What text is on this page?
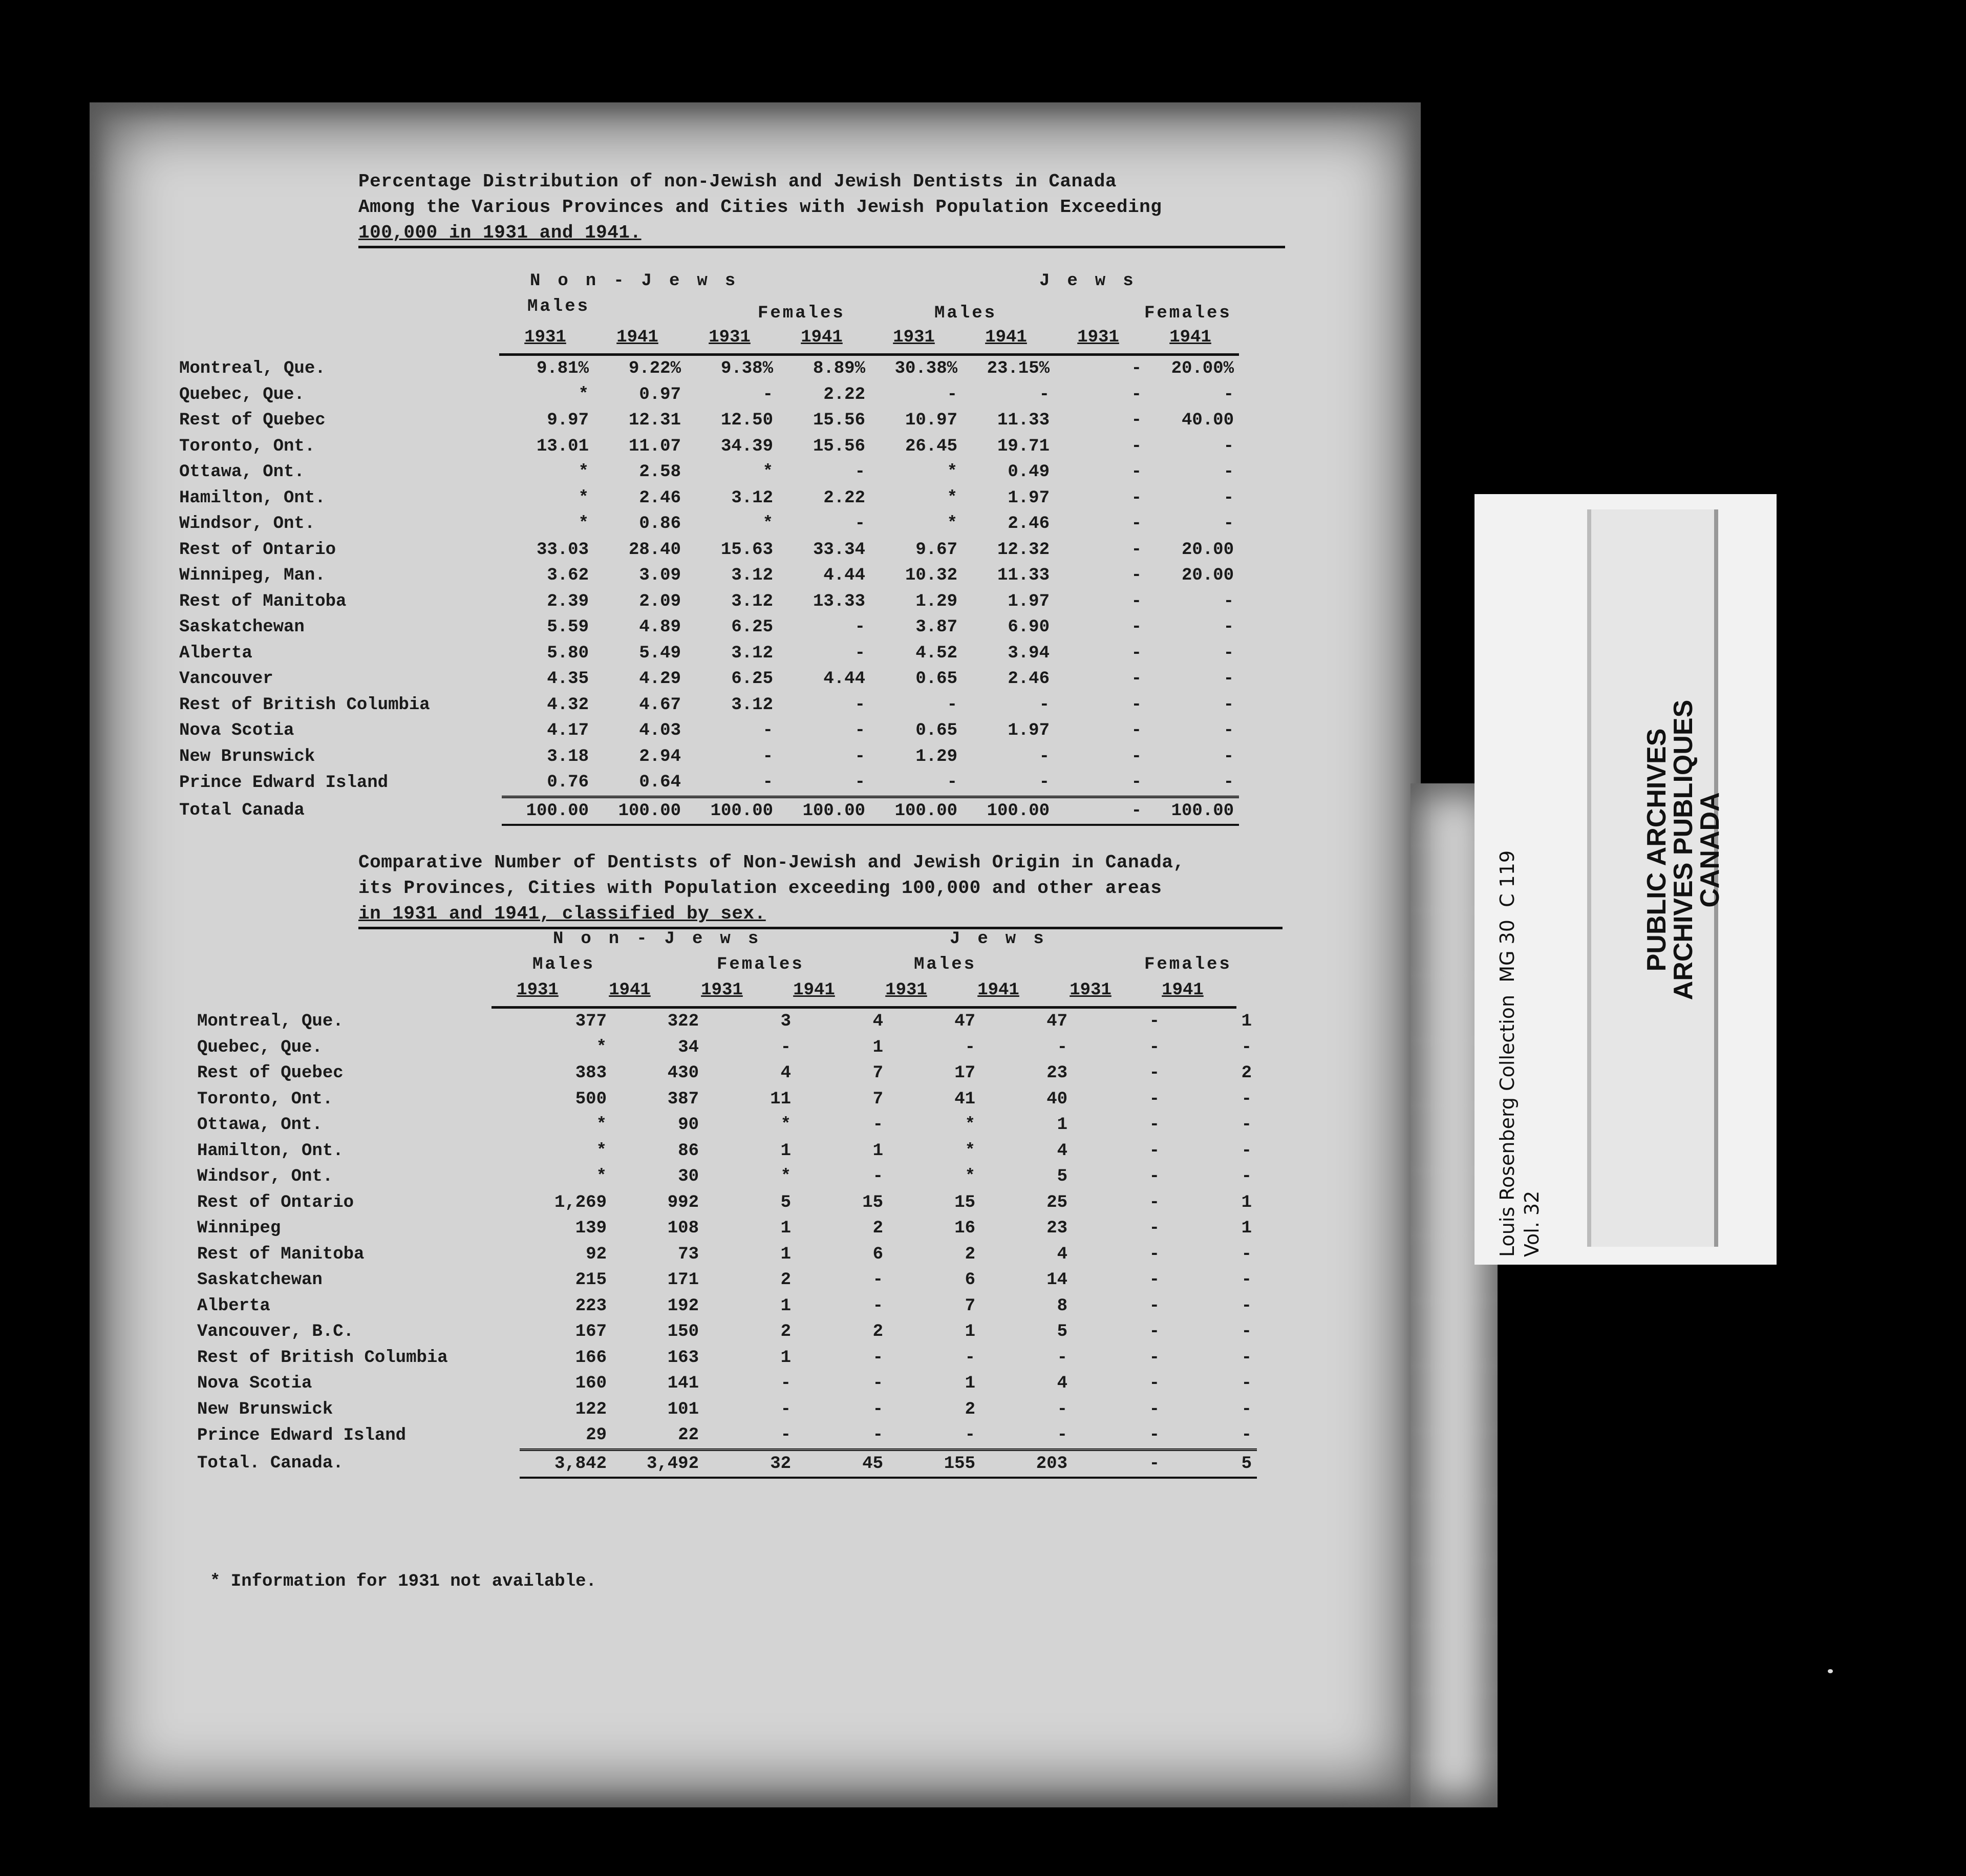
Percentage Distribution of non-Jewish and Jewish Dentists in Canada
Among the Various Provinces and Cities with Jewish Population Exceeding
100,000 in 1931 and 1941.
Non-Jews	Jews
Males	Females	Males	Females
1931	1941	1931	1941	1931	1941	1931	1941
Montreal, Que.	9.81%	9.22%	9.38%	8.89%	30.38%	23.15%	-	20.00%
Quebec, Que.	*	0.97	-	2.22	-	-	-	-
Rest of Quebec	9.97	12.31	12.50	15.56	10.97	11.33	-	40.00
Toronto, Ont.	13.01	11.07	34.39	15.56	26.45	19.71	-	-
Ottawa, Ont.	*	2.58	*	-	*	0.49	-	-
Hamilton, Ont.	*	2.46	3.12	2.22	*	1.97	-	-
Windsor, Ont.	*	0.86	*	-	*	2.46	-	-
Rest of Ontario	33.03	28.40	15.63	33.34	9.67	12.32	-	20.00
Winnipeg, Man.	3.62	3.09	3.12	4.44	10.32	11.33	-	20.00
Rest of Manitoba	2.39	2.09	3.12	13.33	1.29	1.97	-	-
Saskatchewan	5.59	4.89	6.25	-	3.87	6.90	-	-
Alberta	5.80	5.49	3.12	-	4.52	3.94	-	-
Vancouver	4.35	4.29	6.25	4.44	0.65	2.46	-	-
Rest of British Columbia	4.32	4.67	3.12	-	-	-	-	-
Nova Scotia	4.17	4.03	-	-	0.65	1.97	-	-
New Brunswick	3.18	2.94	-	-	1.29	-	-	-
Prince Edward Island	0.76	0.64	-	-	-	-	-	-
Total Canada	100.00	100.00	100.00	100.00	100.00	100.00	-	100.00
Comparative Number of Dentists of Non-Jewish and Jewish Origin in Canada,
its Provinces, Cities with Population exceeding 100,000 and other areas
in 1931 and 1941, classified by sex.
Non-Jews	Jews
Males	Females	Males	Females
1931	1941	1931	1941	1931	1941	1931	1941
Montreal, Que.	377	322	3	4	47	47	-	1
Quebec, Que.	*	34	-	1	-	-	-	-
Rest of Quebec	383	430	4	7	17	23	-	2
Toronto, Ont.	500	387	11	7	41	40	-	-
Ottawa, Ont.	*	90	*	-	*	1	-	-
Hamilton, Ont.	*	86	1	1	*	4	-	-
Windsor, Ont.	*	30	*	-	*	5	-	-
Rest of Ontario	1,269	992	5	15	15	25	-	1
Winnipeg	139	108	1	2	16	23	-	1
Rest of Manitoba	92	73	1	6	2	4	-	-
Saskatchewan	215	171	2	-	6	14	-	-
Alberta	223	192	1	-	7	8	-	-
Vancouver, B.C.	167	150	2	2	1	5	-	-
Rest of British Columbia	166	163	1	-	-	-	-	-
Nova Scotia	160	141	-	-	1	4	-	-
New Brunswick	122	101	-	-	2	-	-	-
Prince Edward Island	29	22	-	-	-	-	-	-
Total. Canada.	3,842	3,492	32	45	155	203	-	5
* Information for 1931 not available.
Louis Rosenberg Collection  MG 30  C 119 Vol. 32
PUBLIC ARCHIVES
ARCHIVES PUBLIQUES
CANADA
